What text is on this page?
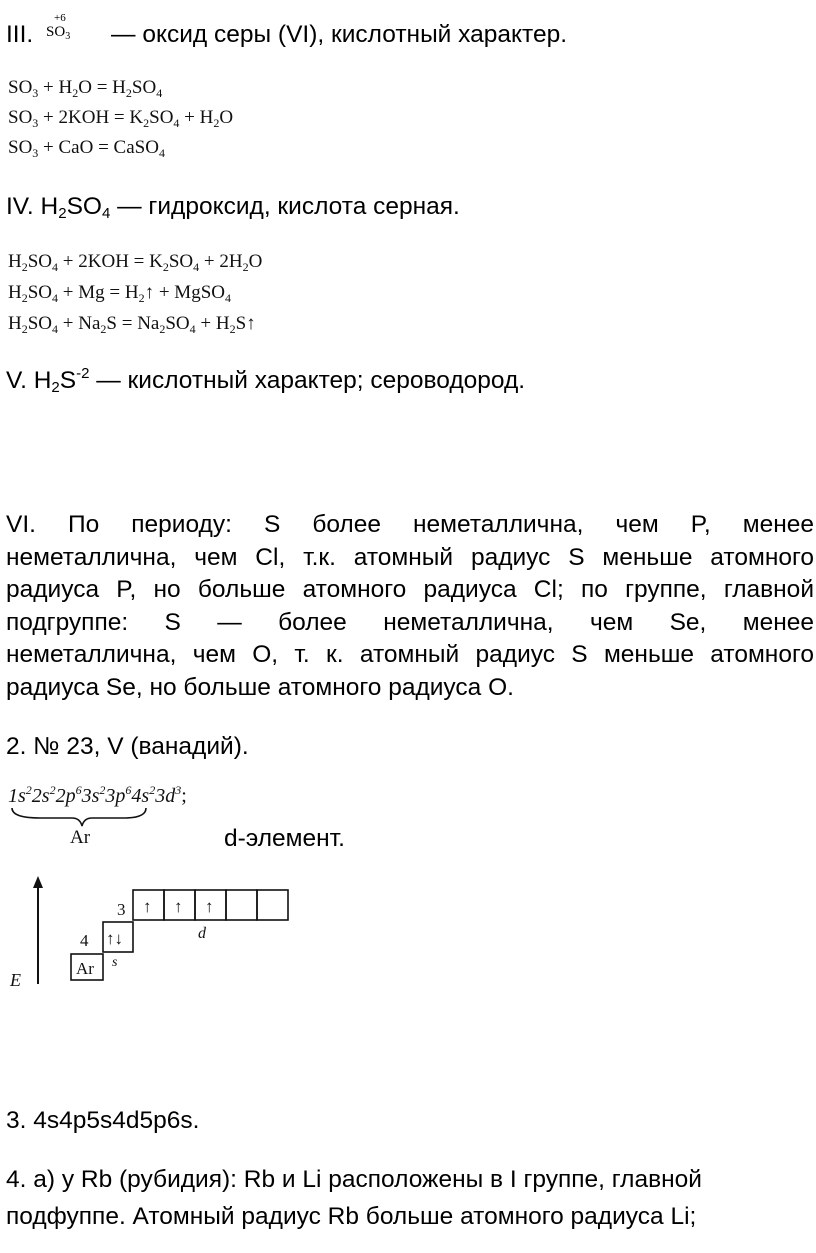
III.
+6
$SO_3$ — оксид серы (VI), кислотный характер.
$SO_3 + H_2O = H_2SO_4$
$SO_3 + 2KOH = K_2SO_4 + H_2O$
$SO_3$ + CaO = CaSO$_4$
IV. $H_2SO_4$ — гидроксид, кислота серная.
$H_2SO_4 + 2KOH = K_2SO_4 + 2H_2O$
$H_2SO_4 + Mg$ = $H_2↑$ + MgSO$_4$
$H_2SO_4 + Na_2S = Na_2SO_4$ + $H_2S↑$
V. $H_2S^{-2}$ — кислотный характер; сероводород.
VI. По периоду: S более неметаллична, чем P, менее
неметаллична, чем Cl, т.к. атомный радиус S меньше атомного
радиуса P, но больше атомного радиуса Cl; по группе, главной
подгруппе: S — более неметаллична, чем Se, менее
неметаллична, чем O, т. к. атомный радиус S меньше атомного
радиуса Se, но больше атомного радиуса O.
2. № 23, V (ванадий).
$1s^22s^22p^63s^23p^64s^23d^3$;
d-элемент.
Ar
E
Ar
4 ↑↓
s
3 ↑ ↑ ↑
d
3. 4s4p5s4d5p6s.
4. а) у Rb (рубидия): Rb и Li расположены в I группе, главной
подфуппе. Атомный радиус Rb больше атомного радиуса Li;
